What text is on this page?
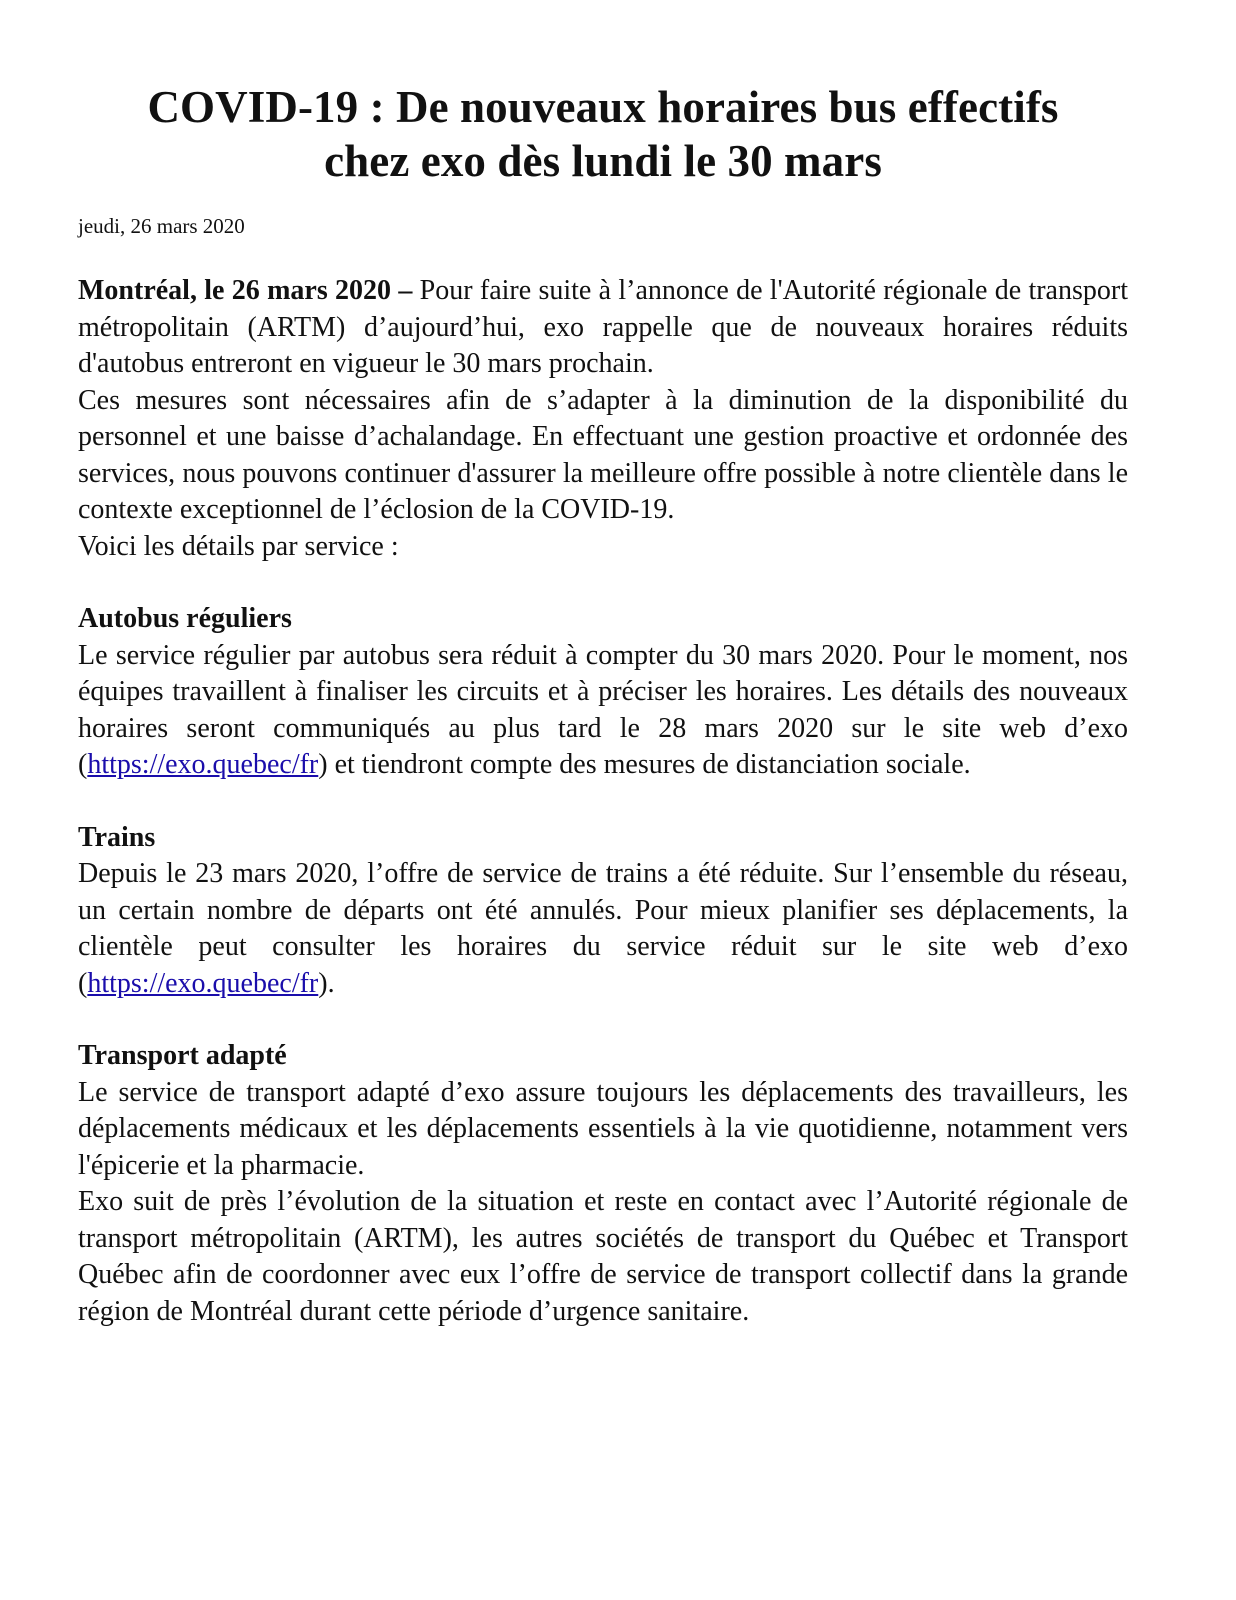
COVID-19 : De nouveaux horaires bus effectifs
chez exo dès lundi le 30 mars
jeudi, 26 mars 2020

Montréal, le 26 mars 2020 – Pour faire suite à l’annonce de l'Autorité régionale de transport métropolitain (ARTM) d’aujourd’hui, exo rappelle que de nouveaux horaires réduits d'autobus entreront en vigueur le 30 mars prochain.

Ces mesures sont nécessaires afin de s’adapter à la diminution de la disponibilité du personnel et une baisse d’achalandage. En effectuant une gestion proactive et ordonnée des services, nous pouvons continuer d'assurer la meilleure offre possible à notre clientèle dans le contexte exceptionnel de l’éclosion de la COVID-19.

Voici les détails par service :

Autobus réguliers

Le service régulier par autobus sera réduit à compter du 30 mars 2020. Pour le moment, nos équipes travaillent à finaliser les circuits et à préciser les horaires. Les détails des nouveaux horaires seront communiqués au plus tard le 28 mars 2020 sur le site web d’exo (https://exo.quebec/fr) et tiendront compte des mesures de distanciation sociale.

Trains

Depuis le 23 mars 2020, l’offre de service de trains a été réduite. Sur l’ensemble du réseau, un certain nombre de départs ont été annulés. Pour mieux planifier ses déplacements, la clientèle peut consulter les horaires du service réduit sur le site web d’exo (https://exo.quebec/fr).

Transport adapté

Le service de transport adapté d’exo assure toujours les déplacements des travailleurs, les déplacements médicaux et les déplacements essentiels à la vie quotidienne, notamment vers l'épicerie et la pharmacie.

Exo suit de près l’évolution de la situation et reste en contact avec l’Autorité régionale de transport métropolitain (ARTM), les autres sociétés de transport du Québec et Transport Québec afin de coordonner avec eux l’offre de service de transport collectif dans la grande région de Montréal durant cette période d’urgence sanitaire.
